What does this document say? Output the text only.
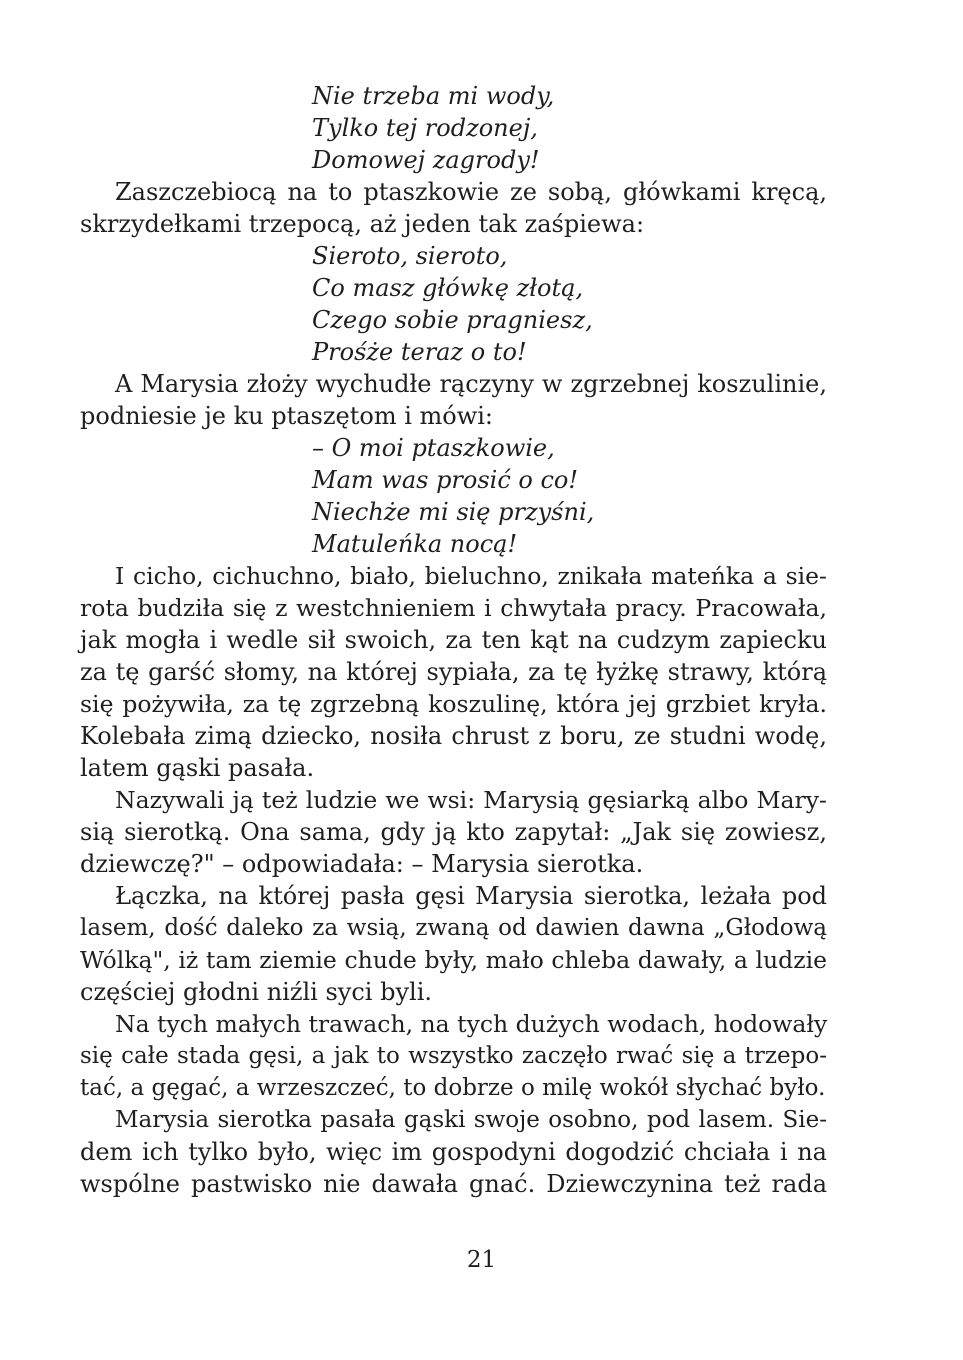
Nie trzeba mi wody,
Tylko tej rodzonej,
Domowej zagrody!
Zaszczebiocą na to ptaszkowie ze sobą, główkami kręcą,
skrzydełkami trzepocą, aż jeden tak zaśpiewa:
Sieroto, sieroto,
Co masz główkę złotą,
Czego sobie pragniesz,
Prośże teraz o to!
A Marysia złoży wychudłe rączyny w zgrzebnej koszulinie,
podniesie je ku ptaszętom i mówi:
– O moi ptaszkowie,
Mam was prosić o co!
Niechże mi się przyśni,
Matuleńka nocą!
I cicho, cichuchno, biało, bieluchno, znikała mateńka a sie-
rota budziła się z westchnieniem i chwytała pracy. Pracowała,
jak mogła i wedle sił swoich, za ten kąt na cudzym zapiecku
za tę garść słomy, na której sypiała, za tę łyżkę strawy, którą
się pożywiła, za tę zgrzebną koszulinę, która jej grzbiet kryła.
Kolebała zimą dziecko, nosiła chrust z boru, ze studni wodę,
latem gąski pasała.
Nazywali ją też ludzie we wsi: Marysią gęsiarką albo Mary-
sią sierotką. Ona sama, gdy ją kto zapytał: „Jak się zowiesz,
dziewczę?" – odpowiadała: – Marysia sierotka.
Łączka, na której pasła gęsi Marysia sierotka, leżała pod
lasem, dość daleko za wsią, zwaną od dawien dawna „Głodową
Wólką", iż tam ziemie chude były, mało chleba dawały, a ludzie
częściej głodni niźli syci byli.
Na tych małych trawach, na tych dużych wodach, hodowały
się całe stada gęsi, a jak to wszystko zaczęło rwać się a trzepo-
tać, a gęgać, a wrzeszczeć, to dobrze o milę wokół słychać było.
Marysia sierotka pasała gąski swoje osobno, pod lasem. Sie-
dem ich tylko było, więc im gospodyni dogodzić chciała i na
wspólne pastwisko nie dawała gnać. Dziewczynina też rada
21
